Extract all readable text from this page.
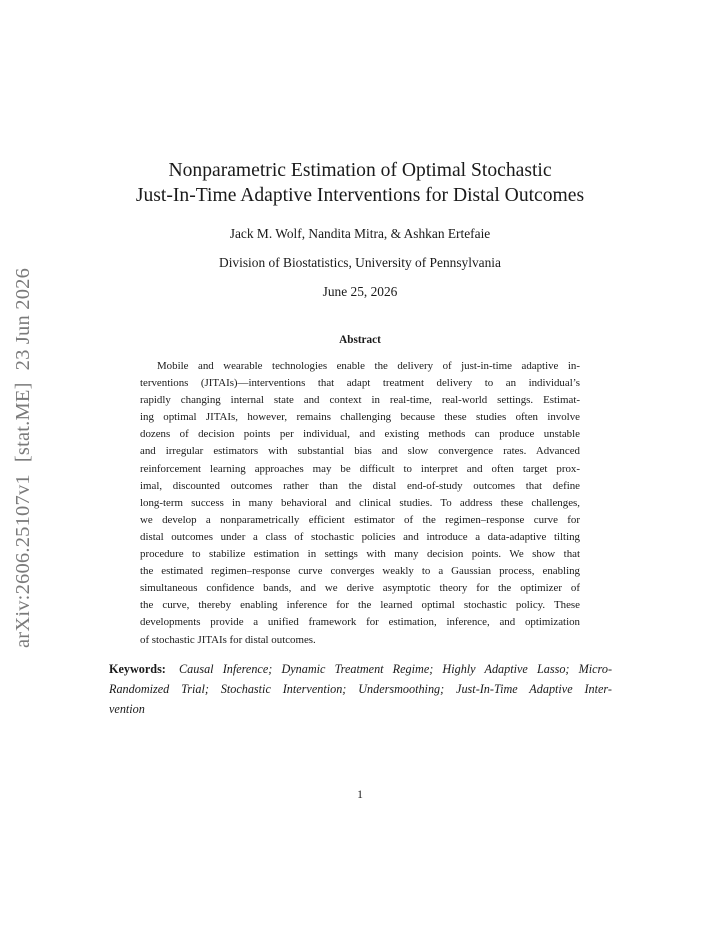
arXiv:2606.25107v1[stat.ME]23 Jun 2026
Nonparametric Estimation of Optimal Stochastic
Just-In-Time Adaptive Interventions for Distal Outcomes
Jack M. Wolf, Nandita Mitra, & Ashkan Ertefaie
Division of Biostatistics, University of Pennsylvania
June 25, 2026
Abstract
Mobile and wearable technologies enable the delivery of just-in-time adaptive in-
terventions (JITAIs)—interventions that adapt treatment delivery to an individual’s
rapidly changing internal state and context in real-time, real-world settings. Estimat-
ing optimal JITAIs, however, remains challenging because these studies often involve
dozens of decision points per individual, and existing methods can produce unstable
and irregular estimators with substantial bias and slow convergence rates. Advanced
reinforcement learning approaches may be difficult to interpret and often target prox-
imal, discounted outcomes rather than the distal end-of-study outcomes that define
long-term success in many behavioral and clinical studies. To address these challenges,
we develop a nonparametrically efficient estimator of the regimen–response curve for
distal outcomes under a class of stochastic policies and introduce a data-adaptive tilting
procedure to stabilize estimation in settings with many decision points. We show that
the estimated regimen–response curve converges weakly to a Gaussian process, enabling
simultaneous confidence bands, and we derive asymptotic theory for the optimizer of
the curve, thereby enabling inference for the learned optimal stochastic policy. These
developments provide a unified framework for estimation, inference, and optimization
of stochastic JITAIs for distal outcomes.
Keywords: Causal Inference; Dynamic Treatment Regime; Highly Adaptive Lasso; Micro-
Randomized Trial; Stochastic Intervention; Undersmoothing; Just-In-Time Adaptive Inter-
vention
1
